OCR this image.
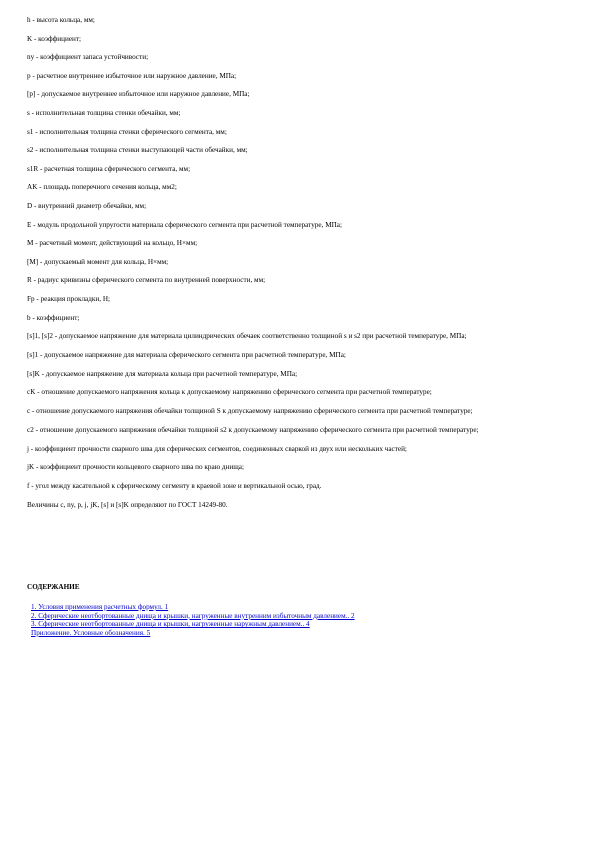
h - высота кольца, мм;

K - коэффициент;

ny - коэффициент запаса устойчивости;

p - расчетное внутреннее избыточное или наружное давление, МПа;

[p] - допускаемое внутреннее избыточное или наружное давление, МПа;

s - исполнительная толщина стенки обечайки, мм;

s1 - исполнительная толщина стенки сферического сегмента, мм;

s2 - исполнительная толщина стенки выступающей части обечайки, мм;

s1R - расчетная толщина сферического сегмента, мм;

AK - площадь поперечного сечения кольца, мм2;

D - внутренний диаметр обечайки, мм;

E - модуль продольной упругости материала сферического сегмента при расчетной температуре, МПа;

M - расчетный момент, действующий на кольцо, Н×мм;

[M] - допускаемый момент для кольца, Н×мм;

R - радиус кривизны сферического сегмента по внутренней поверхности, мм;

Fp - реакция прокладки, Н;

b - коэффициент;

[s]1, [s]2 - допускаемое напряжение для материала цилиндрических обечаек соответственно толщиной s и s2 при расчетной температуре, МПа;

[s]1 - допускаемое напряжение для материала сферического сегмента при расчетной температуре, МПа;

[s]K - допускаемое напряжение для материала кольца при расчетной температуре, МПа;

cK - отношение допускаемого напряжения кольца к допускаемому напряжению сферического сегмента при расчетной температуре;

c - отношение допускаемого напряжения обечайки толщиной S к допускаемому напряжению сферического сегмента при расчетной температуре;

c2 - отношение допускаемого напряжения обечайки толщиной s2 к допускаемому напряжению сферического сегмента при расчетной температуре;

j - коэффициент прочности сварного шва для сферических сегментов, соединенных сваркой из двух или нескольких частей;

jK - коэффициент прочности кольцевого сварного шва по краю днища;

f - угол между касательной к сферическому сегменту в краевой зоне и вертикальной осью, град.

Величины c, ny, p, j, jK, [s] и [s]K определяют по ГОСТ 14249-80.

СОДЕРЖАНИЕ
1. Условия применения расчетных формул. 1
2. Сферические неотбортованные днища и крышки, нагруженные внутренним избыточным давлением.. 2
3. Сферические неотбортованные днища и крышки, нагруженные наружным давлением.. 4
Приложение. Условные обозначения. 5
